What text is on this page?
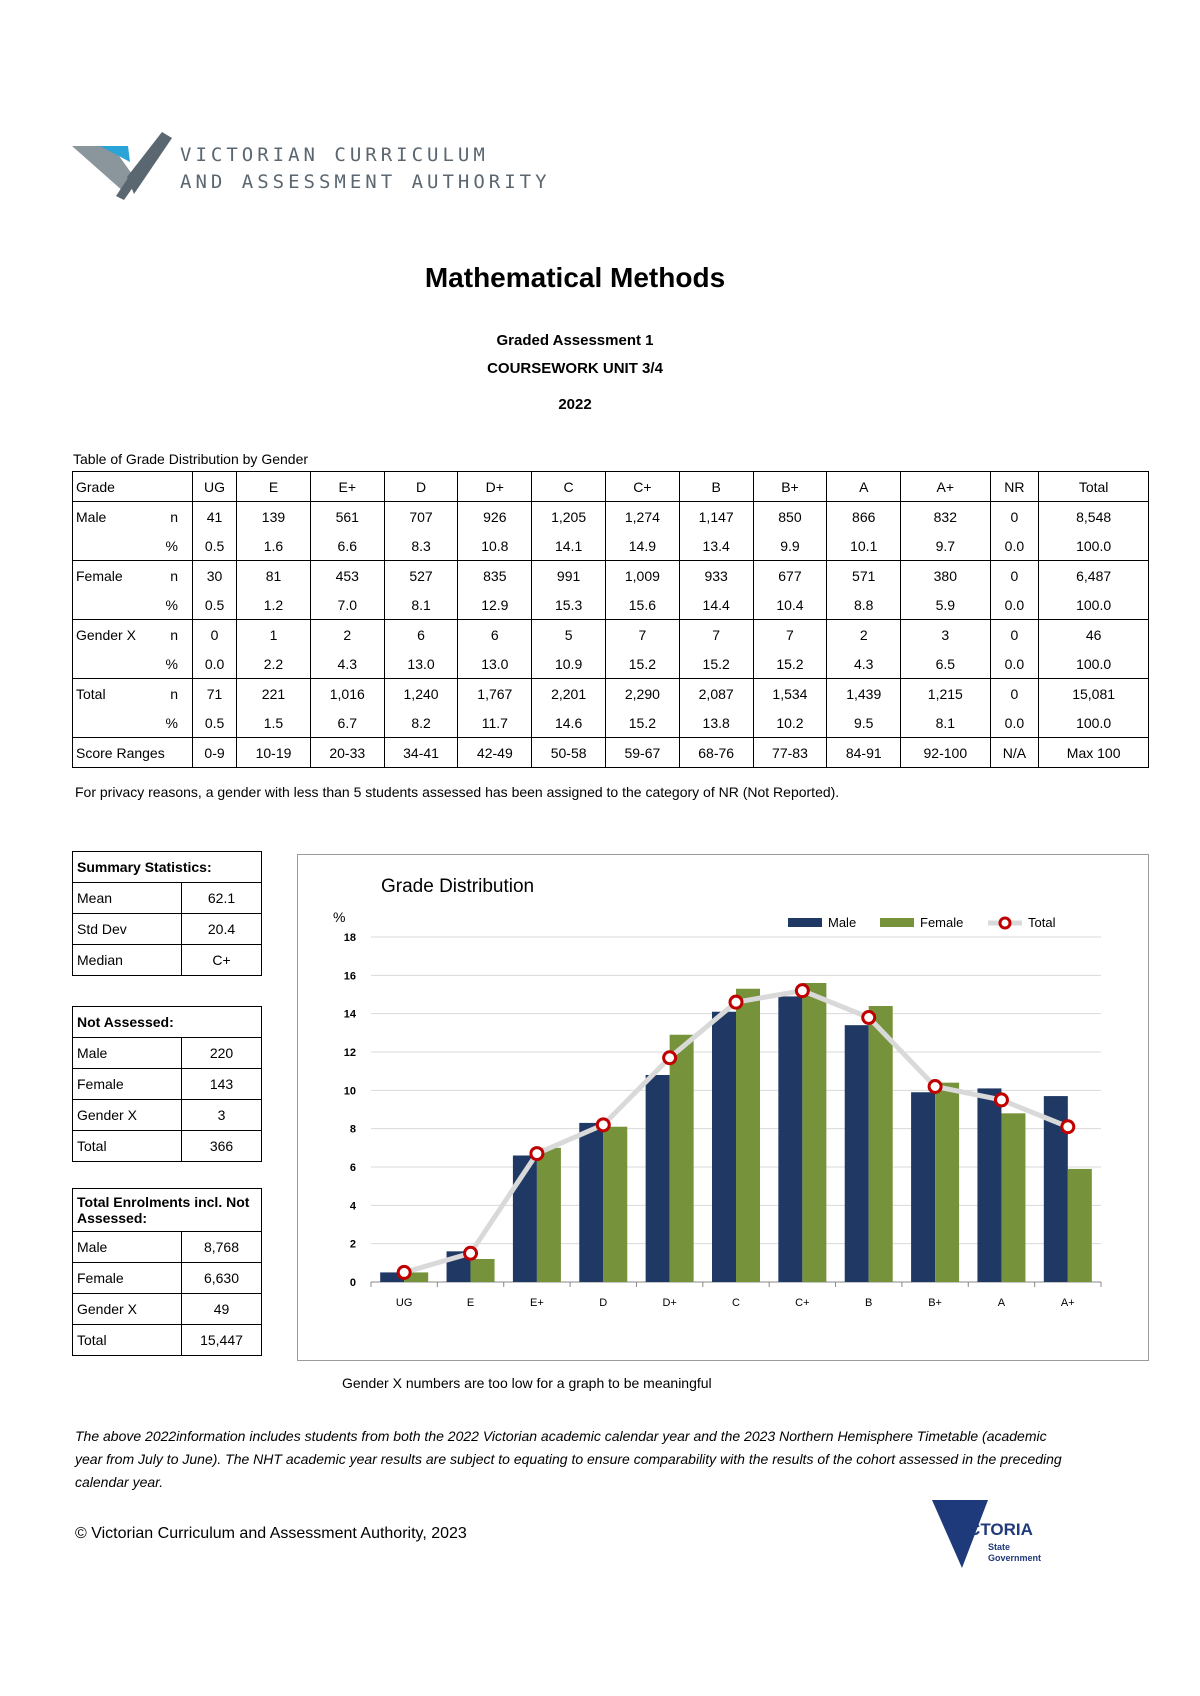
VICTORIAN CURRICULUM
AND ASSESSMENT AUTHORITY
Mathematical Methods
Graded Assessment 1
COURSEWORK UNIT 3/4
2022
Table of Grade Distribution by Gender
Grade		UG	E	E+	D	D+	C	C+	B	B+	A	A+	NR	Total
Male	n	41	139	561	707	926	1,205	1,274	1,147	850	866	832	0	8,548
	%	0.5	1.6	6.6	8.3	10.8	14.1	14.9	13.4	9.9	10.1	9.7	0.0	100.0
Female	n	30	81	453	527	835	991	1,009	933	677	571	380	0	6,487
	%	0.5	1.2	7.0	8.1	12.9	15.3	15.6	14.4	10.4	8.8	5.9	0.0	100.0
Gender X	n	0	1	2	6	6	5	7	7	7	2	3	0	46
	%	0.0	2.2	4.3	13.0	13.0	10.9	15.2	15.2	15.2	4.3	6.5	0.0	100.0
Total	n	71	221	1,016	1,240	1,767	2,201	2,290	2,087	1,534	1,439	1,215	0	15,081
	%	0.5	1.5	6.7	8.2	11.7	14.6	15.2	13.8	10.2	9.5	8.1	0.0	100.0
Score Ranges		0-9	10-19	20-33	34-41	42-49	50-58	59-67	68-76	77-83	84-91	92-100	N/A	Max 100
For privacy reasons, a gender with less than 5 students assessed has been assigned to the category of NR (Not Reported).
Summary Statistics:	
Mean	62.1
Std Dev	20.4
Median	C+
Not Assessed:	
Male	220
Female	143
Gender X	3
Total	366
Total Enrolments incl. Not Assessed:	
Male	8,768
Female	6,630
Gender X	49
Total	15,447
Grade Distribution
%
0
2
4
6
8
10
12
14
16
18
UG	E	E+	D	D+	C	C+	B	B+	A	A+
Male	Female	Total
Gender X numbers are too low for a graph to be meaningful
The above 2022information includes students from both the 2022 Victorian academic calendar year and the 2023 Northern Hemisphere Timetable (academic year from July to June). The NHT academic year results are subject to equating to ensure comparability with the results of the cohort assessed in the preceding calendar year.
© Victorian Curriculum and Assessment Authority, 2023	VICTORIA
State
Government
